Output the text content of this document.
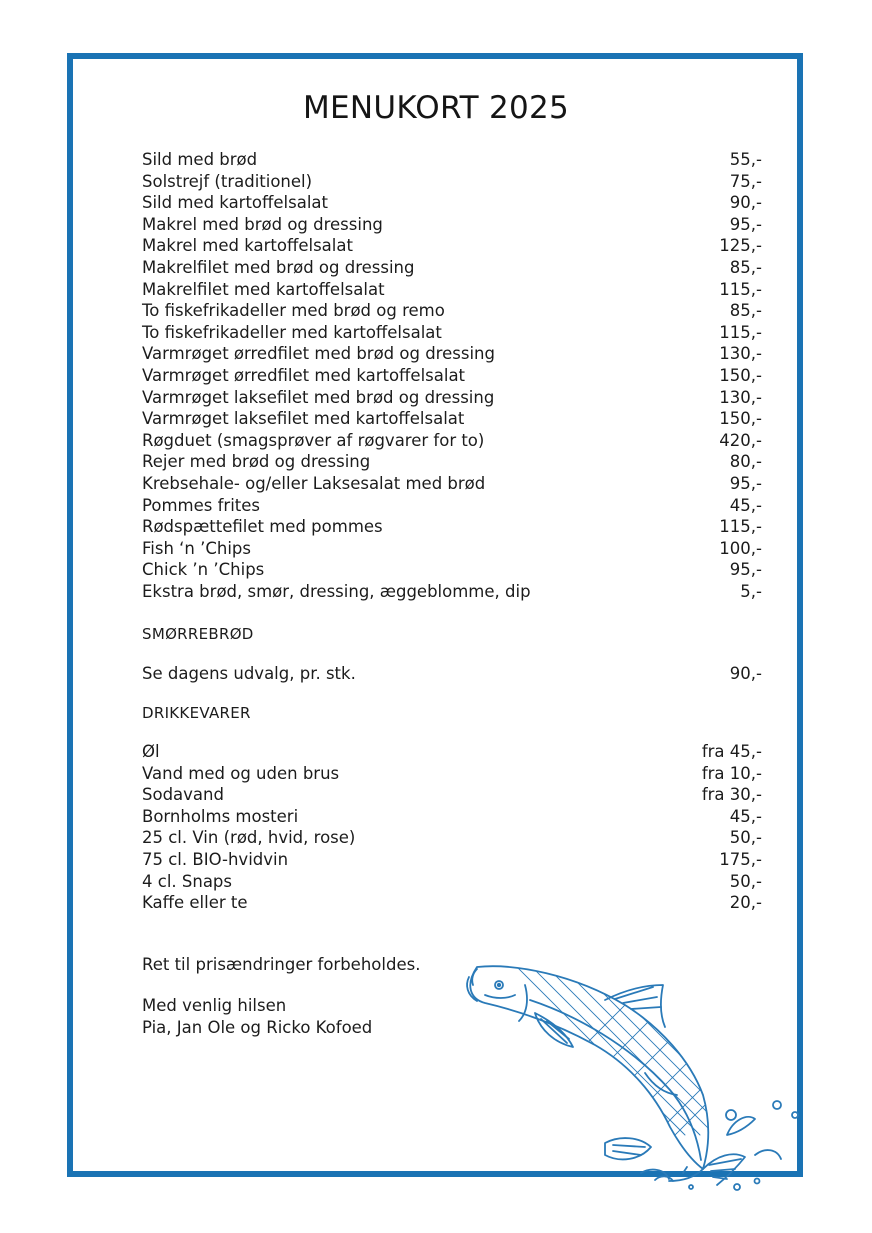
MENUKORT 2025
Sild med brød	55,-
Solstrejf (traditionel)	75,-
Sild med kartoffelsalat	90,-
Makrel med brød og dressing	95,-
Makrel med kartoffelsalat	125,-
Makrelfilet med brød og dressing	85,-
Makrelfilet med kartoffelsalat	115,-
To fiskefrikadeller med brød og remo	85,-
To fiskefrikadeller med kartoffelsalat	115,-
Varmrøget ørredfilet med brød og dressing	130,-
Varmrøget ørredfilet med kartoffelsalat	150,-
Varmrøget laksefilet med brød og dressing	130,-
Varmrøget laksefilet med kartoffelsalat	150,-
Røgduet (smagsprøver af røgvarer for to)	420,-
Rejer med brød og dressing	80,-
Krebsehale- og/eller Laksesalat med brød	95,-
Pommes frites	45,-
Rødspættefilet med pommes	115,-
Fish ‘n ’Chips	100,-
Chick ’n ’Chips	95,-
Ekstra brød, smør, dressing, æggeblomme, dip	5,-
SMØRREBRØD
Se dagens udvalg, pr. stk.	90,-
DRIKKEVARER
Øl	fra 45,-
Vand med og uden brus	fra 10,-
Sodavand	fra 30,-
Bornholms mosteri	45,-
25 cl. Vin (rød, hvid, rose)	50,-
75 cl. BIO-hvidvin	175,-
4 cl. Snaps	50,-
Kaffe eller te	20,-
Ret til prisændringer forbeholdes.
Med venlig hilsen
Pia, Jan Ole og Ricko Kofoed
